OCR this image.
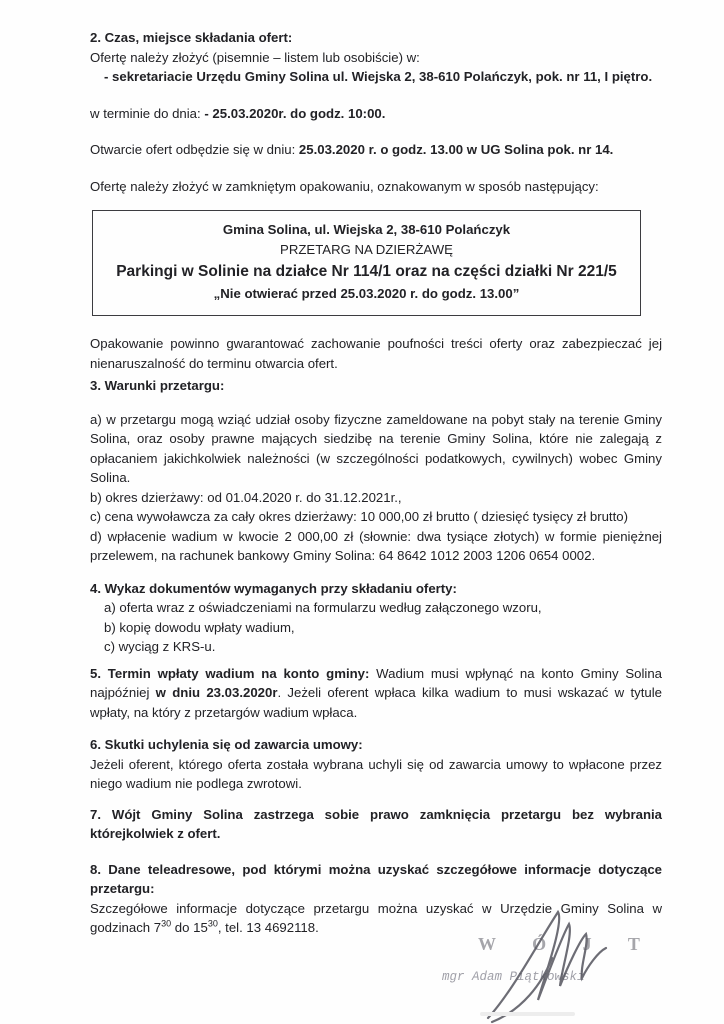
2. Czas, miejsce składania ofert:

Ofertę należy złożyć (pisemnie – listem lub osobiście) w:

- sekretariacie Urzędu Gminy Solina ul. Wiejska 2, 38-610 Polańczyk, pok. nr 11, I piętro.

w terminie do dnia: - 25.03.2020r. do godz. 10:00.

Otwarcie ofert odbędzie się w dniu: 25.03.2020 r. o godz. 13.00 w UG Solina pok. nr 14.

Ofertę należy złożyć w zamkniętym opakowaniu, oznakowanym w sposób następujący:

Gmina Solina, ul. Wiejska 2, 38-610 Polańczyk
PRZETARG NA DZIERŻAWĘ
Parkingi w Solinie na działce Nr 114/1 oraz na części działki Nr 221/5
„Nie otwierać przed 25.03.2020 r. do godz. 13.00”

Opakowanie powinno gwarantować zachowanie poufności treści oferty oraz zabezpieczać jej nienaruszalność do terminu otwarcia ofert.

3. Warunki przetargu:

a) w przetargu mogą wziąć udział osoby fizyczne zameldowane na pobyt stały na terenie Gminy Solina, oraz osoby prawne mających siedzibę na terenie Gminy Solina, które nie zalegają z opłacaniem jakichkolwiek należności (w szczególności podatkowych, cywilnych) wobec Gminy Solina.

b) okres dzierżawy: od 01.04.2020 r. do 31.12.2021r.,

c) cena wywoławcza za cały okres dzierżawy: 10 000,00 zł brutto ( dziesięć tysięcy zł brutto)

d) wpłacenie wadium w kwocie 2 000,00 zł (słownie: dwa tysiące złotych) w formie pieniężnej przelewem, na rachunek bankowy Gminy Solina: 64 8642 1012 2003 1206 0654 0002.

4. Wykaz dokumentów wymaganych przy składaniu oferty:

a) oferta wraz z oświadczeniami na formularzu według załączonego wzoru,

b) kopię dowodu wpłaty wadium,

c) wyciąg z KRS-u.

5. Termin wpłaty wadium na konto gminy: Wadium musi wpłynąć na konto Gminy Solina najpóźniej w dniu 23.03.2020r. Jeżeli oferent wpłaca kilka wadium to musi wskazać w tytule wpłaty, na który z przetargów wadium wpłaca.

6. Skutki uchylenia się od zawarcia umowy:

Jeżeli oferent, którego oferta została wybrana uchyli się od zawarcia umowy to wpłacone przez niego wadium nie podlega zwrotowi.

7. Wójt Gminy Solina zastrzega sobie prawo zamknięcia przetargu bez wybrania którejkolwiek z ofert.

8. Dane teleadresowe, pod którymi można uzyskać szczegółowe informacje dotyczące przetargu:

Szczegółowe informacje dotyczące przetargu można uzyskać w Urzędzie Gminy Solina w godzinach $7^{30}$ do $15^{30}$, tel. 13 4692118.

W Ó J T
mgr Adam Piątkowski
